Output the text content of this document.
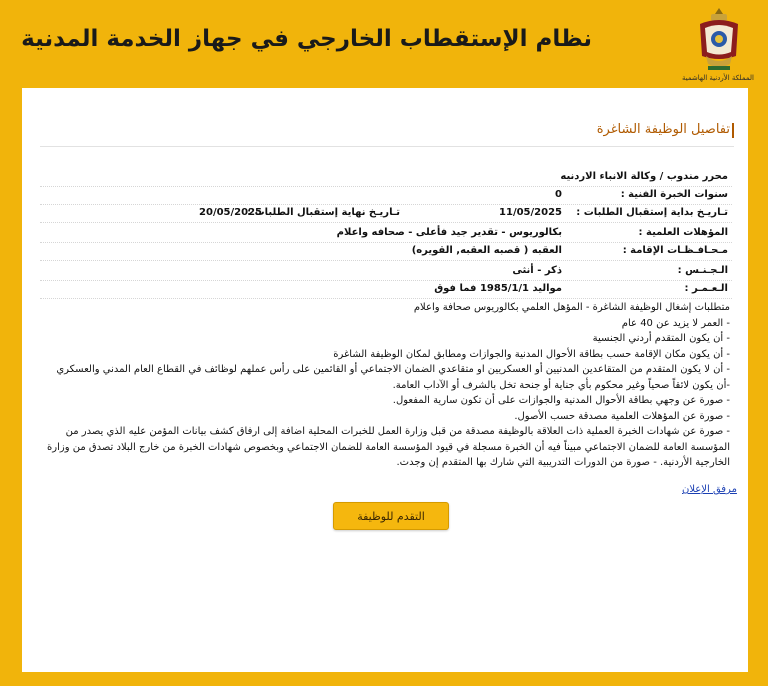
نظام الإستقطاب الخارجي في جهاز الخدمة المدنية
المملكة الأردنية الهاشمية
تفاصيل الوظيفة الشاغرة
محرر مندوب / وكالة الانباء الاردنيه
سنوات الخبرة الفنية :
0
تـاريـخ بداية إستقبال الطلبات :
11/05/2025
تـاريـخ نهاية إستقبال الطلبات :
20/05/2025
المؤهلات العلمية :
بكالوريوس - تقدير جيد فأعلى - صحافه واعلام
مـحـافـظـات الإقامة :
العقبه ( قصبه العقبه, القويره)
الـجـنـس :
ذكر - أنثى
الـعـمـر :
مواليد 1985/1/1 فما فوق

متطلبات إشغال الوظيفة الشاغرة - المؤهل العلمي بكالوريوس صحافة واعلام

- العمر لا يزيد عن 40 عام

- أن يكون المتقدم أردني الجنسية

- أن يكون مكان الإقامة حسب بطاقة الأحوال المدنية والجوازات ومطابق لمكان الوظيفة الشاغرة

- أن لا يكون المتقدم من المتقاعدين المدنيين أو العسكريين او متقاعدي الضمان الاجتماعي أو القائمين على رأس عملهم لوظائف في القطاع العام المدني والعسكري

-أن يكون لائقاً صحياً وغير محكوم بأي جناية أو جنحة تخل بالشرف أو الآداب العامة.

- صورة عن وجهي بطاقة الأحوال المدنية والجوازات على أن تكون سارية المفعول.

- صورة عن المؤهلات العلمية مصدقة حسب الأصول.

- صورة عن شهادات الخبرة العملية ذات العلاقة بالوظيفة مصدقة من قبل وزارة العمل للخبرات المحلية اضافة إلى ارفاق كشف بيانات المؤمن عليه الذي يصدر من المؤسسة العامة للضمان الاجتماعي مبيناً فيه أن الخبرة مسجلة في قيود المؤسسة العامة للضمان الاجتماعي وبخصوص شهادات الخبرة من خارج البلاد تصدق من وزارة الخارجية الأردنية. - صورة من الدورات التدريبية التي شارك بها المتقدم إن وجدت.

مرفق الإعلان
التقدم للوظيفة
